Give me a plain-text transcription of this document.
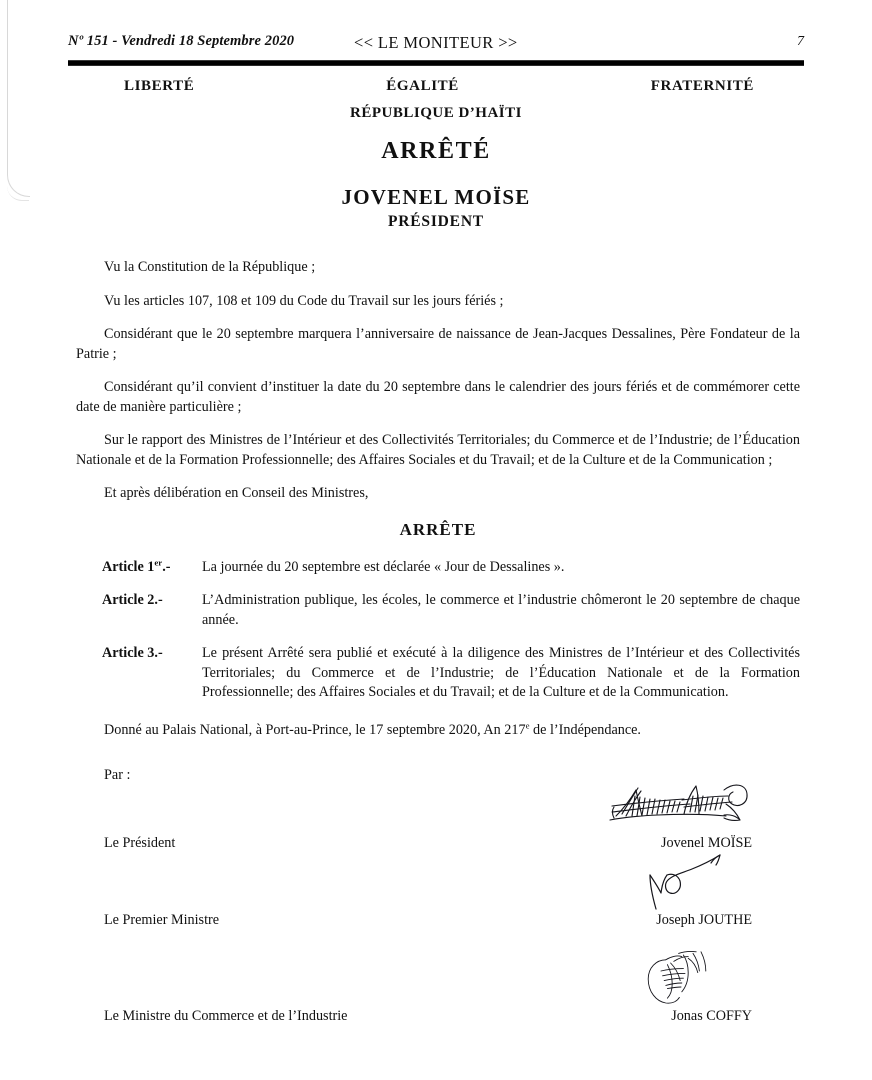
Nº 151 - Vendredi 18 Septembre 2020	<< LE MONITEUR >>	7
LIBERTÉ	ÉGALITÉ	FRATERNITÉ
RÉPUBLIQUE D’HAÏTI
ARRÊTÉ
JOVENEL MOÏSE
PRÉSIDENT

Vu la Constitution de la République ;

Vu les articles 107, 108 et 109 du Code du Travail sur les jours fériés ;

Considérant que le 20 septembre marquera l’anniversaire de naissance de Jean-Jacques Dessalines, Père Fondateur de la Patrie ;

Considérant qu’il convient d’instituer la date du 20 septembre dans le calendrier des jours fériés et de commémorer cette date de manière particulière ;

Sur le rapport des Ministres de l’Intérieur et des Collectivités Territoriales; du Commerce et de l’Industrie; de l’Éducation Nationale et de la Formation Professionnelle; des Affaires Sociales et du Travail; et de la Culture et de la Communication ;

Et après délibération en Conseil des Ministres,

ARRÊTE
Article 1er.-	La journée du 20 septembre est déclarée « Jour de Dessalines ».
Article 2.-	L’Administration publique, les écoles, le commerce et l’industrie chômeront le 20 septembre de chaque année.
Article 3.-	Le présent Arrêté sera publié et exécuté à la diligence des Ministres de l’Intérieur et des Collectivités Territoriales; du Commerce et de l’Industrie; de l’Éducation Nationale et de la Formation Professionnelle; des Affaires Sociales et du Travail; et de la Culture et de la Communication.

Donné au Palais National, à Port-au-Prince, le 17 septembre 2020, An 217e de l’Indépendance.

Par :

Le Président	Jovenel MOÏSE
Le Premier Ministre	Joseph JOUTHE
Le Ministre du Commerce et de l’Industrie	Jonas COFFY
